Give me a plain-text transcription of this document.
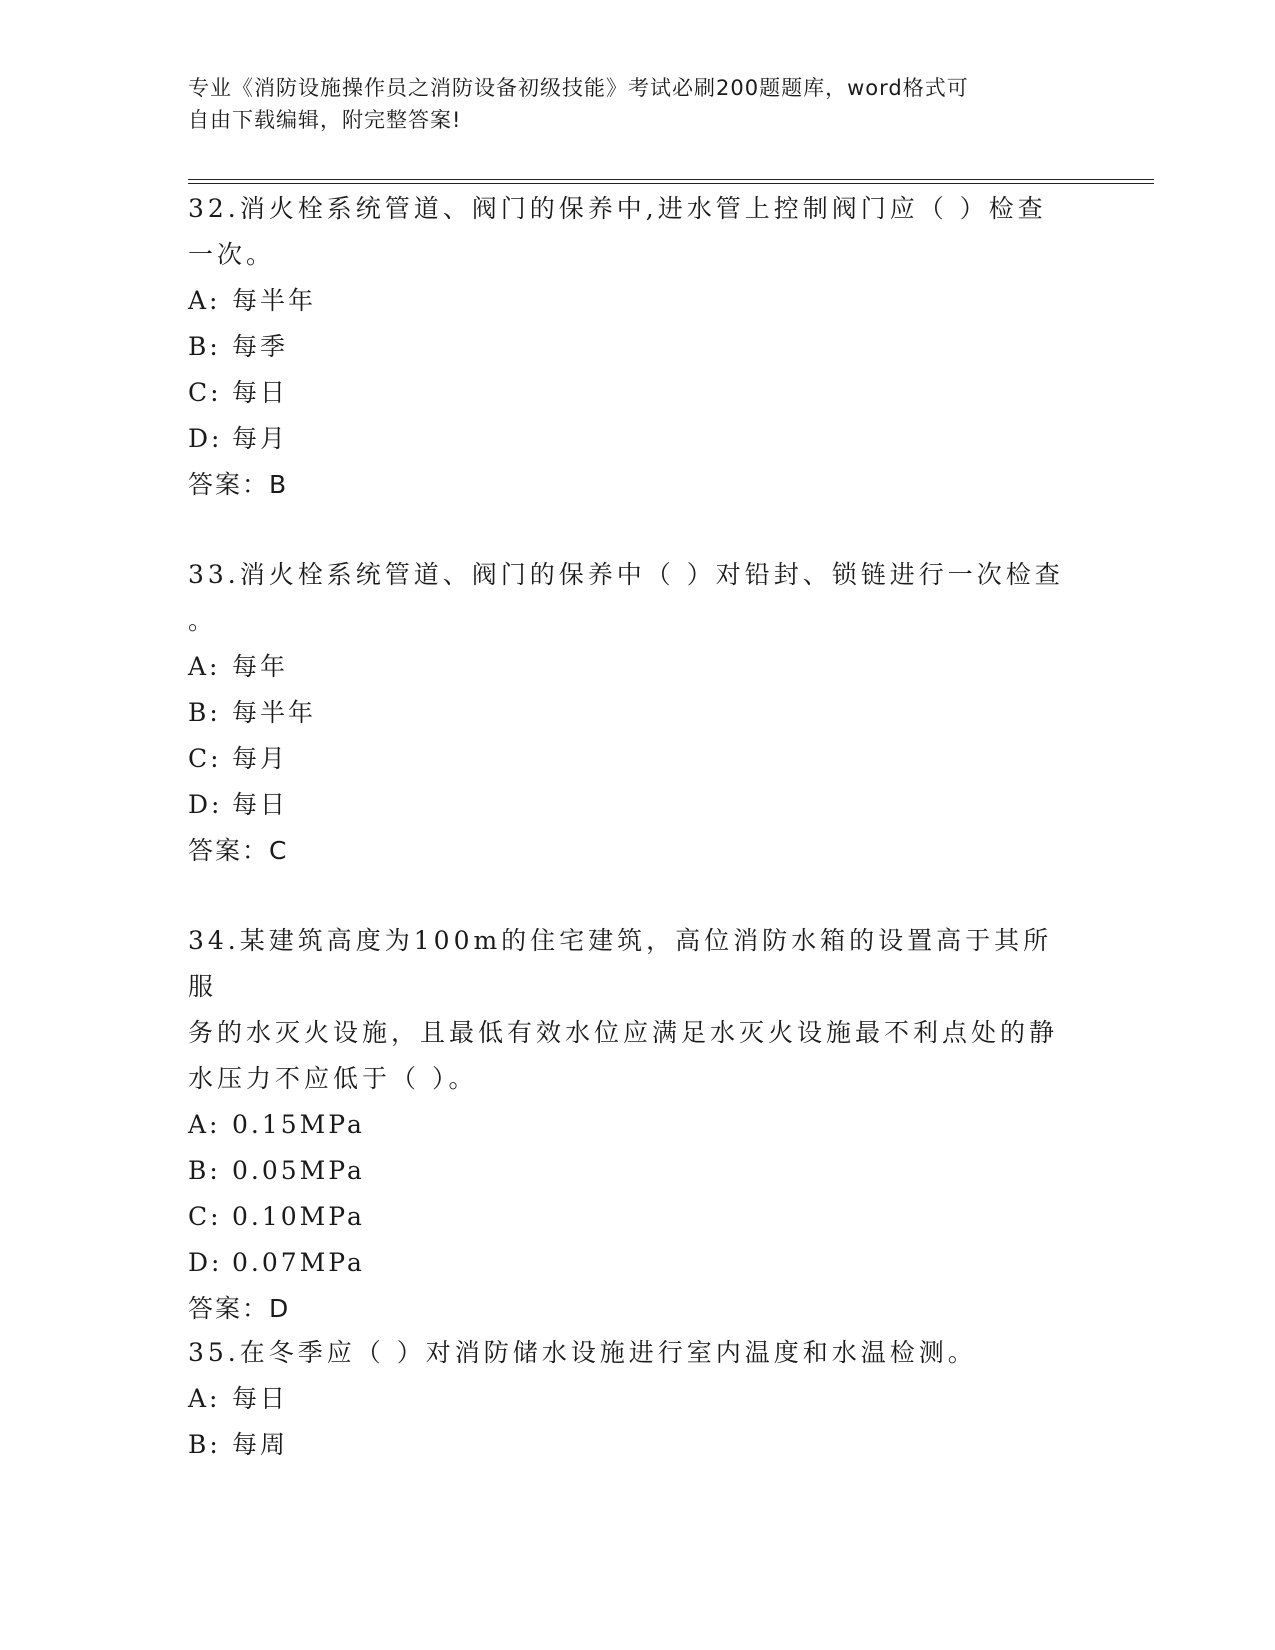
专业《消防设施操作员之消防设备初级技能》考试必刷200题题库，word格式可
自由下载编辑，附完整答案!

32.消火栓系统管道、阀门的保养中,进水管上控制阀门应（ ）检查

一次。

A: 每半年

B: 每季

C: 每日

D: 每月

答案：B

33.消火栓系统管道、阀门的保养中（ ）对铅封、锁链进行一次检查

。

A: 每年

B: 每半年

C: 每月

D: 每日

答案：C

34.某建筑高度为100m的住宅建筑，高位消防水箱的设置高于其所服

务的水灭火设施，且最低有效水位应满足水灭火设施最不利点处的静

水压力不应低于（ ）。

A: 0.15MPa

B: 0.05MPa

C: 0.10MPa

D: 0.07MPa

答案：D

35.在冬季应（ ）对消防储水设施进行室内温度和水温检测。

A: 每日

B: 每周
